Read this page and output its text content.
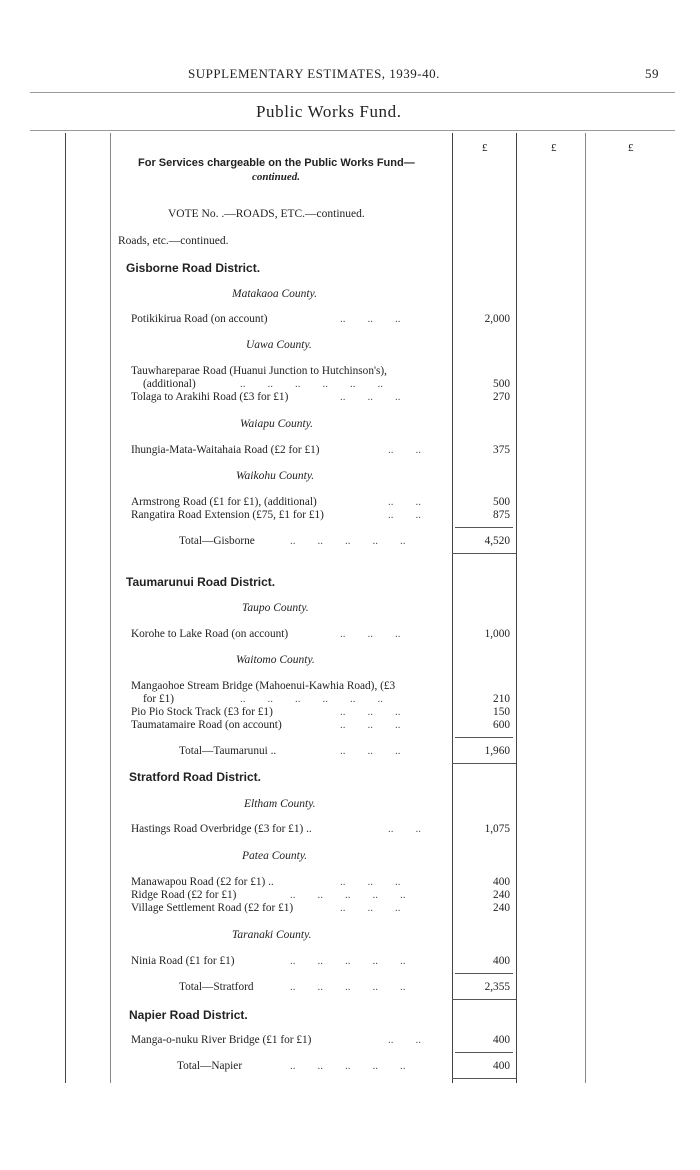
SUPPLEMENTARY ESTIMATES, 1939-40.	59
Public Works Fund.
£	£	£
For Services chargeable on the Public Works Fund—
continued.
VOTE No. .—ROADS, ETC.—continued.
Roads, etc.—continued.
Gisborne Road District.
Matakaoa County.
Potikikirua Road (on account)	..        ..        ..	2,000
Uawa County.
Tauwhareparae Road (Huanui Junction to Hutchinson's),
(additional)	..        ..        ..        ..        ..        ..	500
Tolaga to Arakihi Road (£3 for £1)	..        ..        ..	270
Waiapu County.
Ihungia-Mata-Waitahaia Road (£2 for £1)	..        ..	375
Waikohu County.
Armstrong Road (£1 for £1), (additional)	..        ..	500
Rangatira Road Extension (£75, £1 for £1)	..        ..	875
Total—Gisborne	..        ..        ..        ..        ..	4,520
Taumarunui Road District.
Taupo County.
Korohe to Lake Road (on account)	..        ..        ..	1,000
Waitomo County.
Mangaohoe Stream Bridge (Mahoenui-Kawhia Road), (£3
for £1)	..        ..        ..        ..        ..        ..	210
Pio Pio Stock Track (£3 for £1)	..        ..        ..	150
Taumatamaire Road (on account)	..        ..        ..	600
Total—Taumarunui ..	..        ..        ..	1,960
Stratford Road District.
Eltham County.
Hastings Road Overbridge (£3 for £1) ..	..        ..	1,075
Patea County.
Manawapou Road (£2 for £1) ..	..        ..        ..	400
Ridge Road (£2 for £1)	..        ..        ..        ..        ..	240
Village Settlement Road (£2 for £1)	..        ..        ..	240
Taranaki County.
Ninia Road (£1 for £1)	..        ..        ..        ..        ..	400
Total—Stratford	..        ..        ..        ..        ..	2,355
Napier Road District.
Manga-o-nuku River Bridge (£1 for £1)	..        ..	400
Total—Napier	..        ..        ..        ..        ..	400
